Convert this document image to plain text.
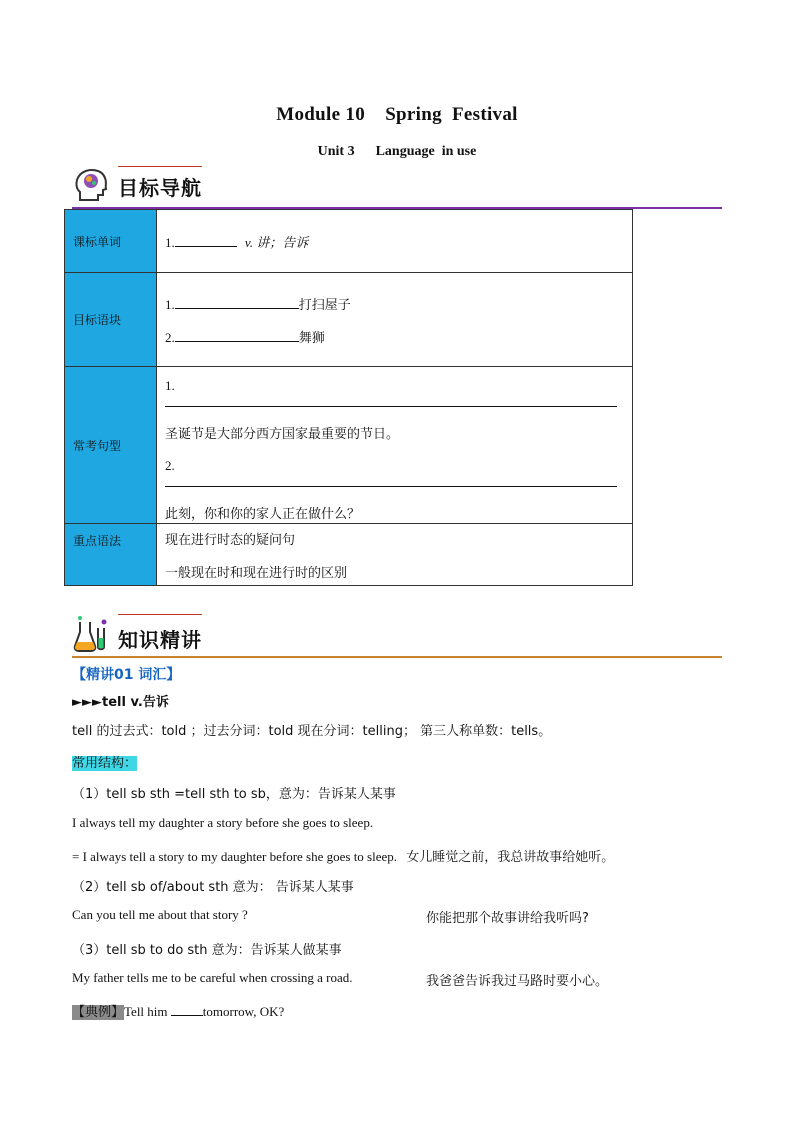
Module 10    Spring  Festival
Unit 3      Language  in use
目标导航
课标单词	1. v. 讲；告诉

目标语块	1. 打扫屋子
2. 舞狮

常考句型	1.
圣诞节是大部分西方国家最重要的节日。
2.
此刻，你和你的家人正在做什么？

重点语法	现在进行时态的疑问句
一般现在时和现在进行时的区别
知识精讲
【精讲01 词汇】
►►►tell v.告诉
tell 的过去式：told ；过去分词：told 现在分词：telling； 第三人称单数：tells。
常用结构：
（1）tell sb sth =tell sth to sb，意为：告诉某人某事
I always tell my daughter a story before she goes to sleep.
= I always tell a story to my daughter before she goes to sleep. 女儿睡觉之前，我总讲故事给她听。
（2）tell sb of/about sth 意为： 告诉某人某事
Can you tell me about that story ?	你能把那个故事讲给我听吗?
（3）tell sb to do sth 意为：告诉某人做某事
My father tells me to be careful when crossing a road.	我爸爸告诉我过马路时要小心。
【典例】Tell him tomorrow, OK?
